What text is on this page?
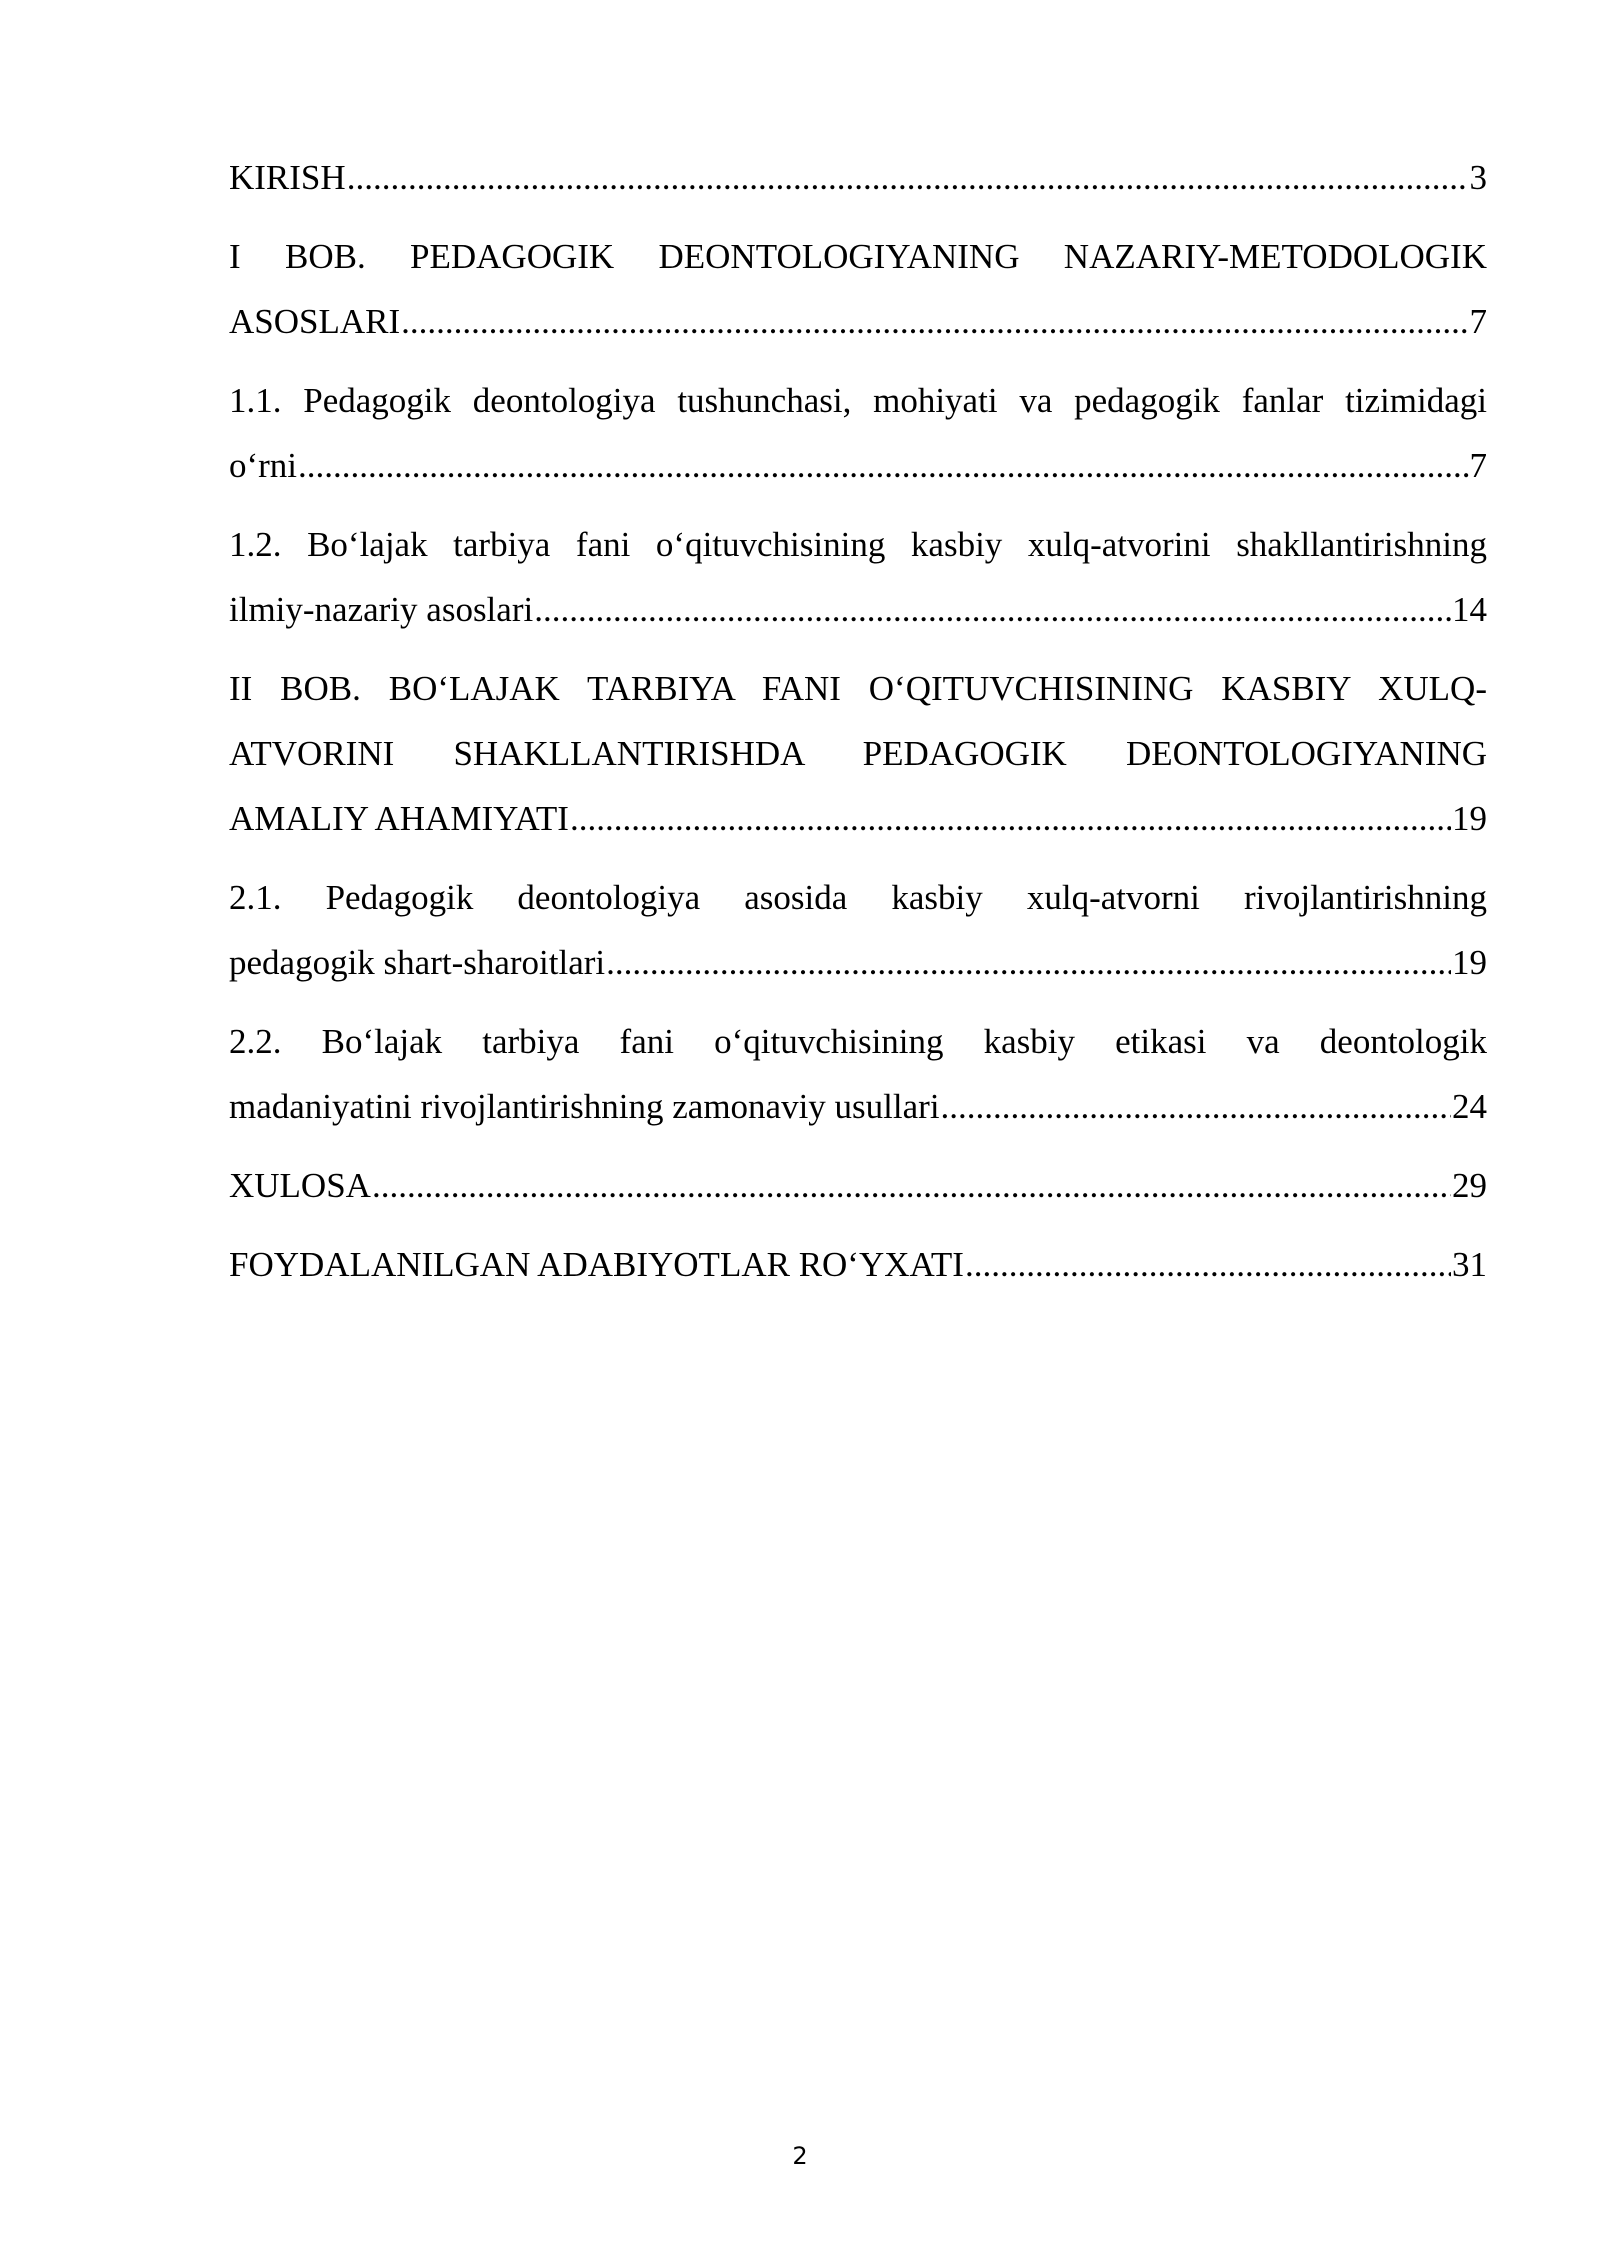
KIRISH .....	3
I BOB. PEDAGOGIK DEONTOLOGIYANING NAZARIY-METODOLOGIK
ASOSLARI .....	7
1.1. Pedagogik deontologiya tushunchasi, mohiyati va pedagogik fanlar tizimidagi
o‘rni .....	7
1.2. Bo‘lajak tarbiya fani o‘qituvchisining kasbiy xulq-atvorini shakllantirishning
ilmiy-nazariy asoslari .....	14
II BOB. BO‘LAJAK TARBIYA FANI O‘QITUVCHISINING KASBIY XULQ-
ATVORINI SHAKLLANTIRISHDA PEDAGOGIK DEONTOLOGIYANING
AMALIY AHAMIYATI .....	19
2.1. Pedagogik deontologiya asosida kasbiy xulq-atvorni rivojlantirishning
pedagogik shart-sharoitlari .....	19
2.2. Bo‘lajak tarbiya fani o‘qituvchisining kasbiy etikasi va deontologik
madaniyatini rivojlantirishning zamonaviy usullari .....	24
XULOSA .....	29
FOYDALANILGAN ADABIYOTLAR RO‘YXATI .....	31
2
